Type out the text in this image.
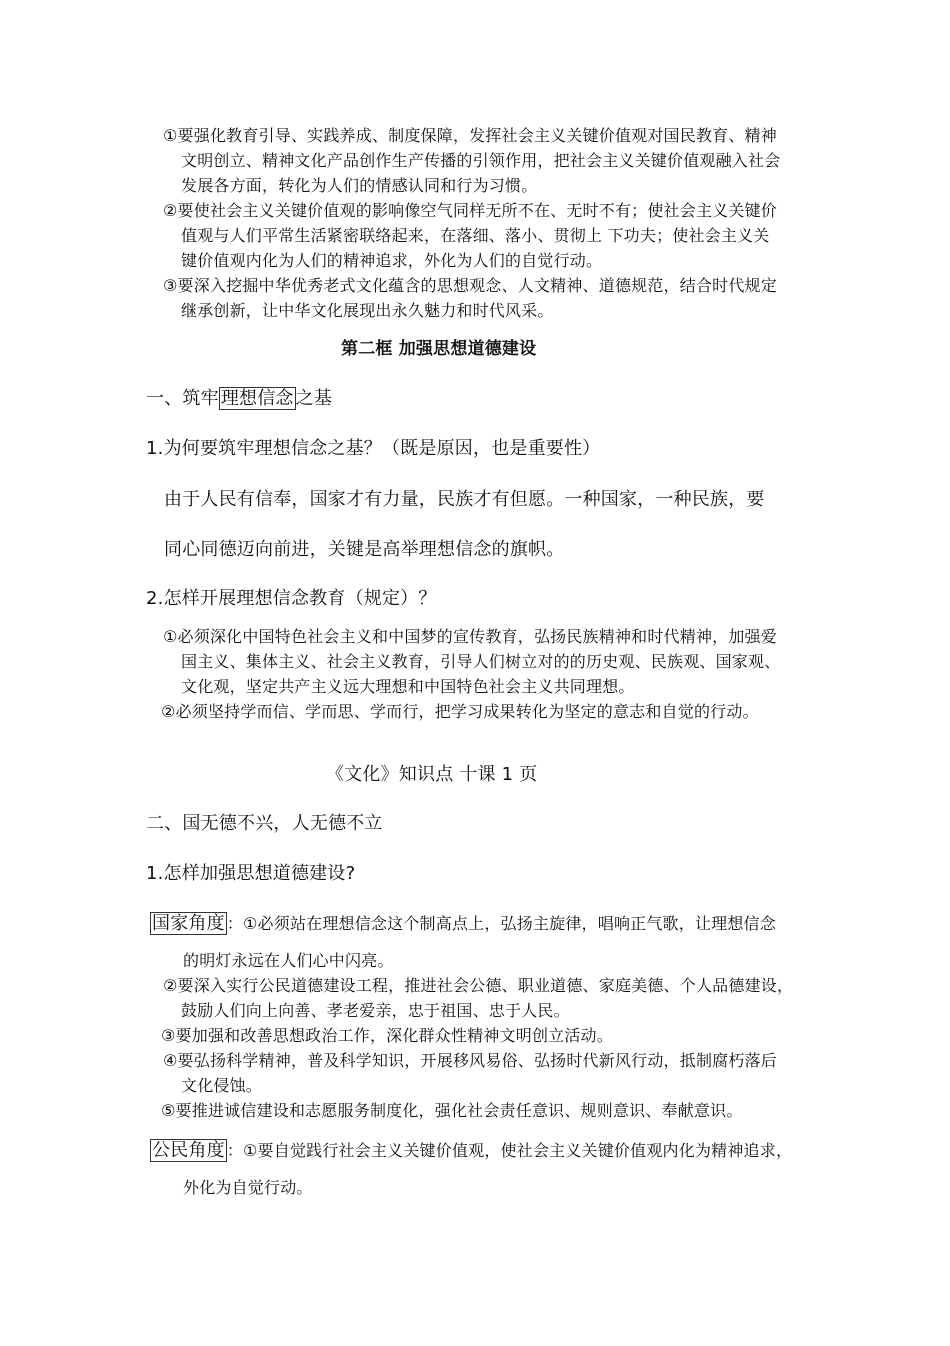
①要强化教育引导、实践养成、制度保障，发挥社会主义关键价值观对国民教育、精神
文明创立、精神文化产品创作生产传播的引领作用，把社会主义关键价值观融入社会
发展各方面，转化为人们的情感认同和行为习惯。
②要使社会主义关键价值观的影响像空气同样无所不在、无时不有；使社会主义关键价
值观与人们平常生活紧密联络起来，在落细、落小、贯彻上 下功夫；使社会主义关
键价值观内化为人们的精神追求，外化为人们的自觉行动。
③要深入挖掘中华优秀老式文化蕴含的思想观念、人文精神、道德规范，结合时代规定
继承创新，让中华文化展现出永久魅力和时代风采。
第二框 加强思想道德建设
一、筑牢 理想信念 之基
1.为何要筑牢理想信念之基？（既是原因，也是重要性）
由于人民有信奉，国家才有力量，民族才有但愿。一种国家，一种民族，要
同心同德迈向前进，关键是高举理想信念的旗帜。
2.怎样开展理想信念教育（规定）？
①必须深化中国特色社会主义和中国梦的宣传教育，弘扬民族精神和时代精神，加强爱
国主义、集体主义、社会主义教育，引导人们树立对的的历史观、民族观、国家观、
文化观，坚定共产主义远大理想和中国特色社会主义共同理想。
②必须坚持学而信、学而思、学而行，把学习成果转化为坚定的意志和自觉的行动。
《文化》知识点 十课 1 页
二、国无德不兴，人无德不立
1.怎样加强思想道德建设?
国家角度 ：①必须站在理想信念这个制高点上，弘扬主旋律，唱响正气歌，让理想信念
的明灯永远在人们心中闪亮。
②要深入实行公民道德建设工程，推进社会公德、职业道德、家庭美德、个人品德建设，
鼓励人们向上向善、孝老爱亲，忠于祖国、忠于人民。
③要加强和改善思想政治工作，深化群众性精神文明创立活动。
④要弘扬科学精神，普及科学知识，开展移风易俗、弘扬时代新风行动，抵制腐朽落后
文化侵蚀。
⑤要推进诚信建设和志愿服务制度化，强化社会责任意识、规则意识、奉献意识。
公民角度 ：①要自觉践行社会主义关键价值观，使社会主义关键价值观内化为精神追求，
外化为自觉行动。
